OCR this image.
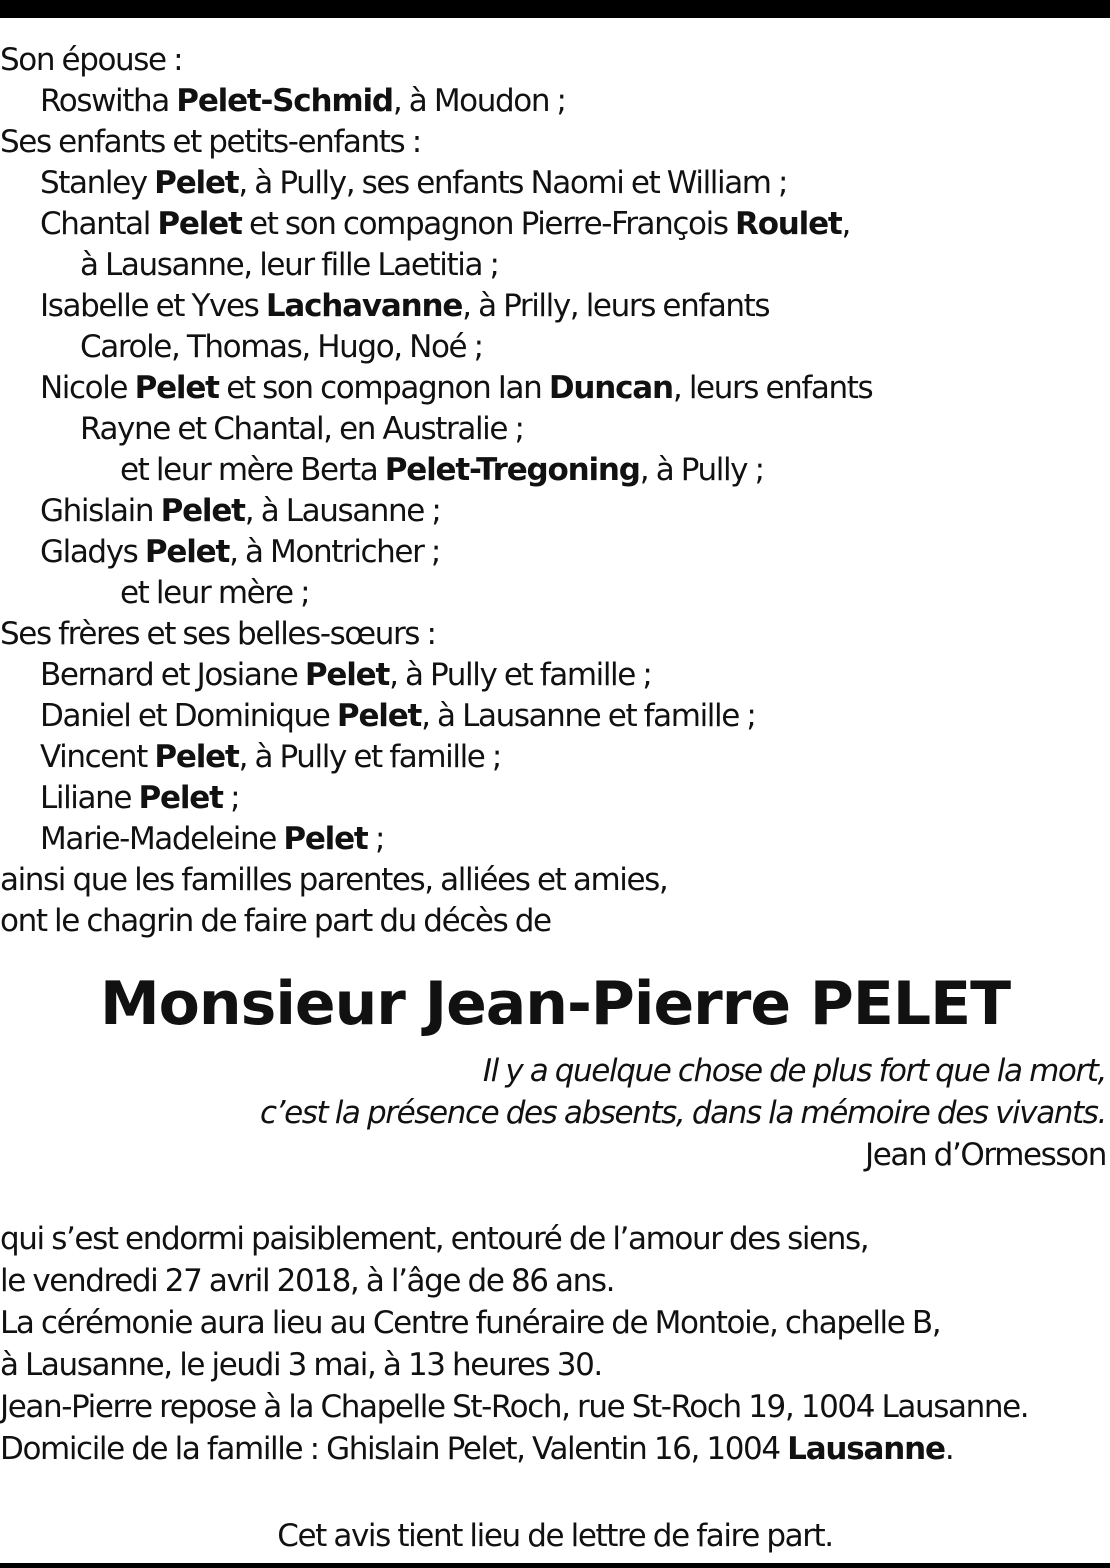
Son épouse :
Roswitha Pelet-Schmid, à Moudon ;
Ses enfants et petits-enfants :
Stanley Pelet, à Pully, ses enfants Naomi et William ;
Chantal Pelet et son compagnon Pierre-François Roulet,
à Lausanne, leur fille Laetitia ;
Isabelle et Yves Lachavanne, à Prilly, leurs enfants
Carole, Thomas, Hugo, Noé ;
Nicole Pelet et son compagnon Ian Duncan, leurs enfants
Rayne et Chantal, en Australie ;
et leur mère Berta Pelet-Tregoning, à Pully ;
Ghislain Pelet, à Lausanne ;
Gladys Pelet, à Montricher ;
et leur mère ;
Ses frères et ses belles-sœurs :
Bernard et Josiane Pelet, à Pully et famille ;
Daniel et Dominique Pelet, à Lausanne et famille ;
Vincent Pelet, à Pully et famille ;
Liliane Pelet ;
Marie-Madeleine Pelet ;
ainsi que les familles parentes, alliées et amies,
ont le chagrin de faire part du décès de
Monsieur Jean-Pierre PELET
Il y a quelque chose de plus fort que la mort,
c’est la présence des absents, dans la mémoire des vivants.
Jean d’Ormesson
qui s’est endormi paisiblement, entouré de l’amour des siens,
le vendredi 27 avril 2018, à l’âge de 86 ans.
La cérémonie aura lieu au Centre funéraire de Montoie, chapelle B,
à Lausanne, le jeudi 3 mai, à 13 heures 30.
Jean-Pierre repose à la Chapelle St-Roch, rue St-Roch 19, 1004 Lausanne.
Domicile de la famille : Ghislain Pelet, Valentin 16, 1004 Lausanne.
Cet avis tient lieu de lettre de faire part.
